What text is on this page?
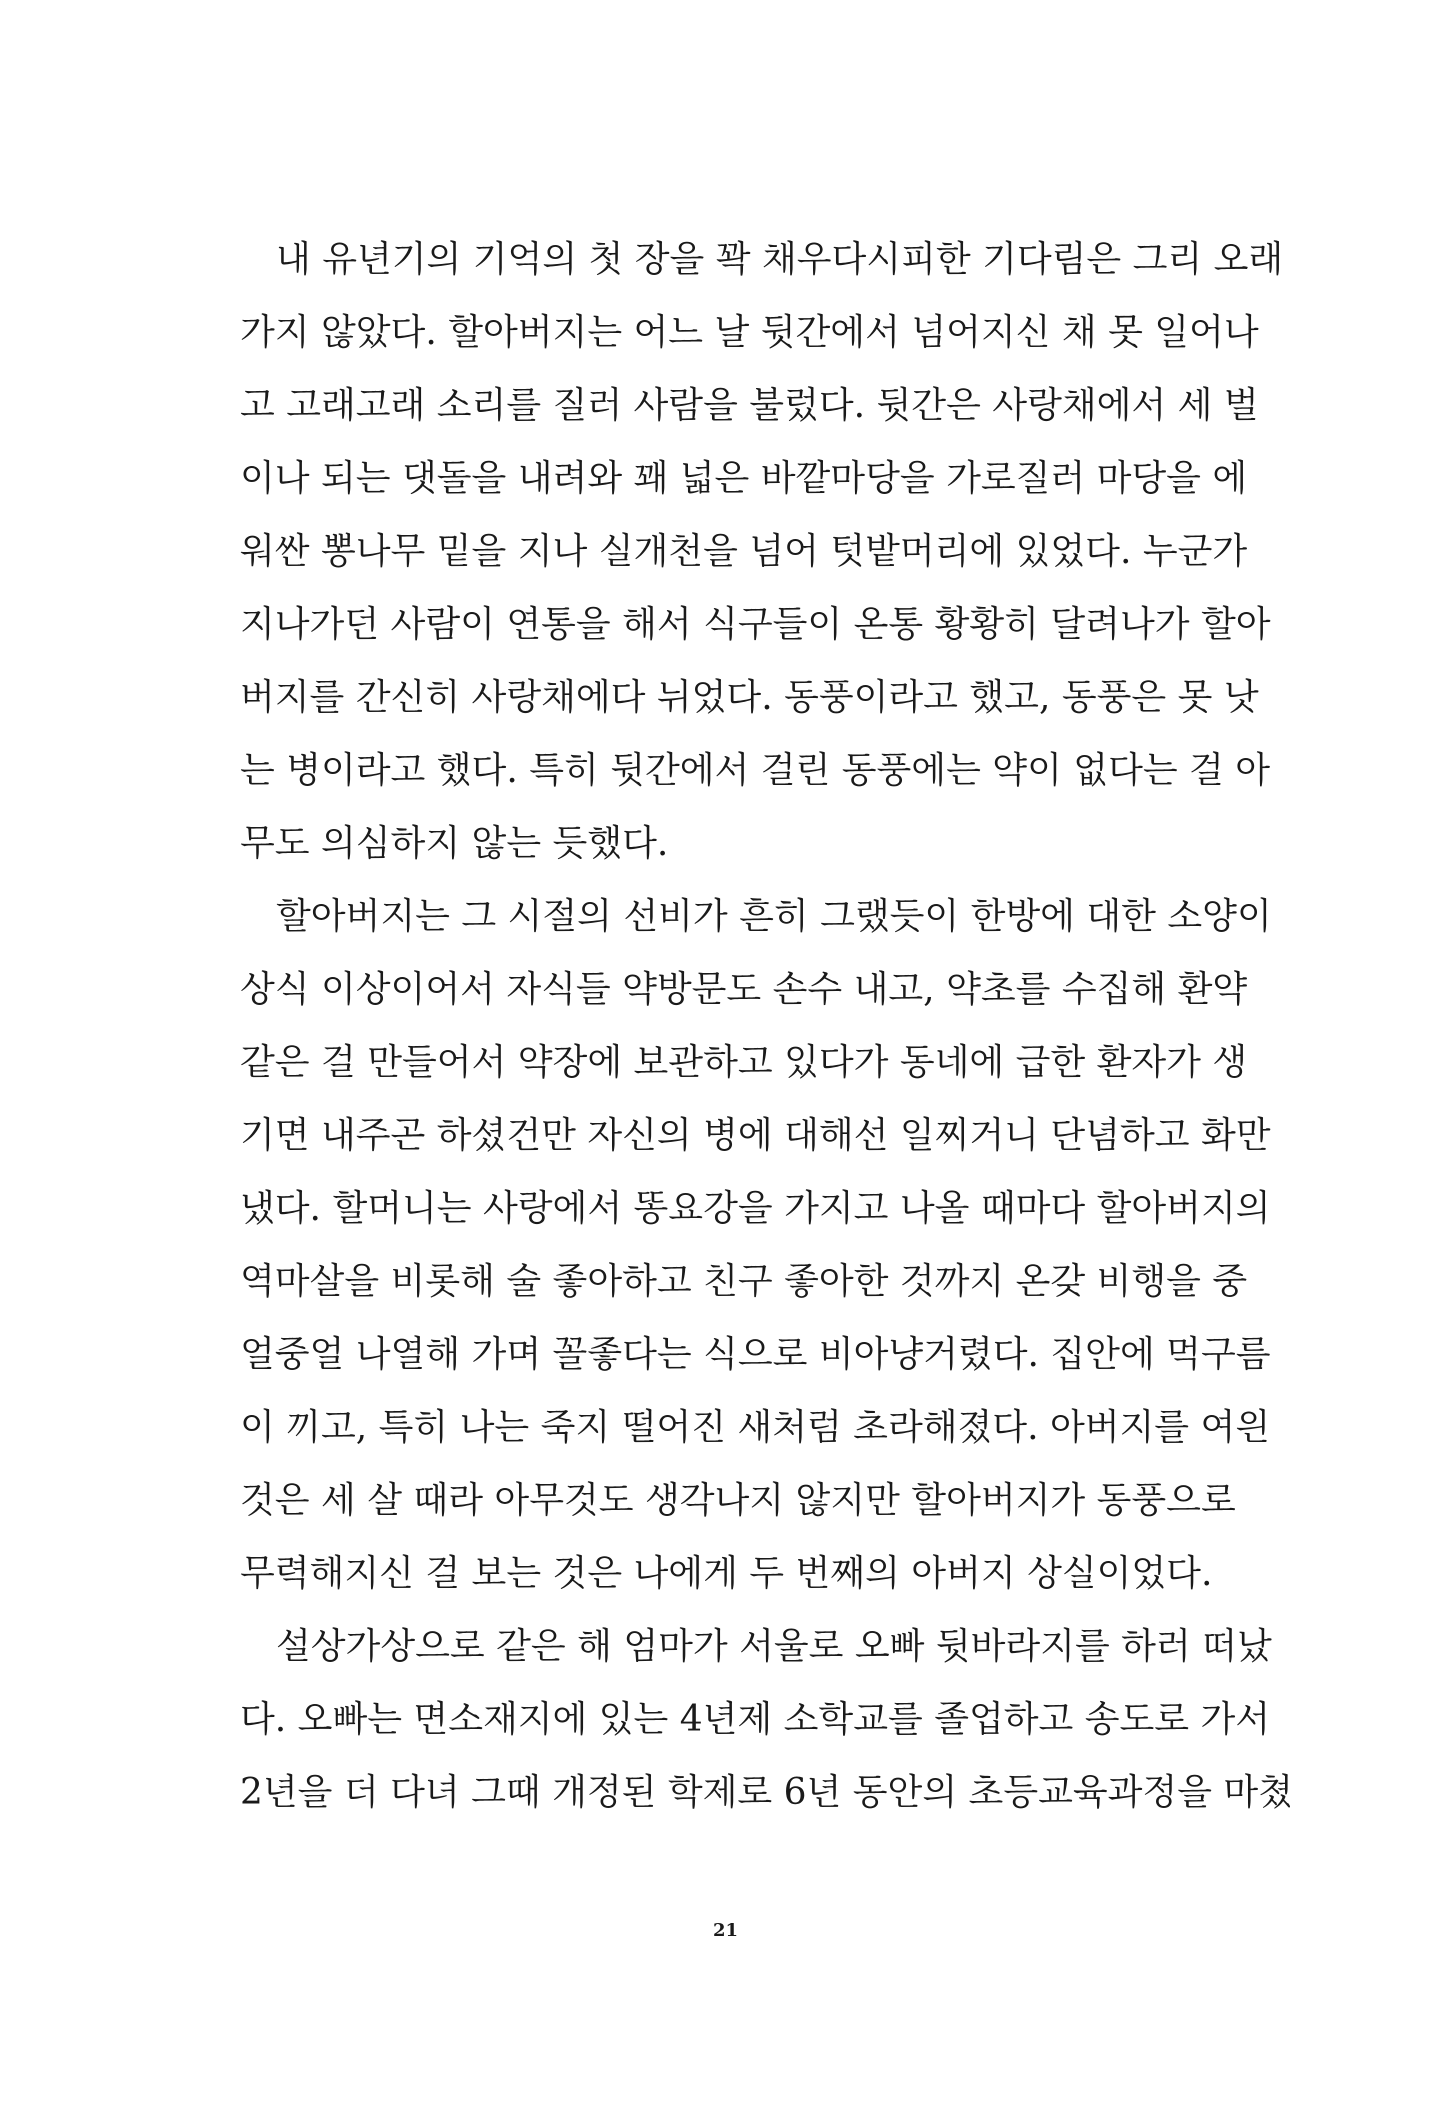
내 유년기의 기억의 첫 장을 꽉 채우다시피한 기다림은 그리 오래
가지 않았다. 할아버지는 어느 날 뒷간에서 넘어지신 채 못 일어나
고 고래고래 소리를 질러 사람을 불렀다. 뒷간은 사랑채에서 세 벌
이나 되는 댓돌을 내려와 꽤 넓은 바깥마당을 가로질러 마당을 에
워싼 뽕나무 밑을 지나 실개천을 넘어 텃밭머리에 있었다. 누군가
지나가던 사람이 연통을 해서 식구들이 온통 황황히 달려나가 할아
버지를 간신히 사랑채에다 뉘었다. 동풍이라고 했고, 동풍은 못 낫
는 병이라고 했다. 특히 뒷간에서 걸린 동풍에는 약이 없다는 걸 아
무도 의심하지 않는 듯했다.
할아버지는 그 시절의 선비가 흔히 그랬듯이 한방에 대한 소양이
상식 이상이어서 자식들 약방문도 손수 내고, 약초를 수집해 환약
같은 걸 만들어서 약장에 보관하고 있다가 동네에 급한 환자가 생
기면 내주곤 하셨건만 자신의 병에 대해선 일찌거니 단념하고 화만
냈다. 할머니는 사랑에서 똥요강을 가지고 나올 때마다 할아버지의
역마살을 비롯해 술 좋아하고 친구 좋아한 것까지 온갖 비행을 중
얼중얼 나열해 가며 꼴좋다는 식으로 비아냥거렸다. 집안에 먹구름
이 끼고, 특히 나는 죽지 떨어진 새처럼 초라해졌다. 아버지를 여읜
것은 세 살 때라 아무것도 생각나지 않지만 할아버지가 동풍으로
무력해지신 걸 보는 것은 나에게 두 번째의 아버지 상실이었다.
설상가상으로 같은 해 엄마가 서울로 오빠 뒷바라지를 하러 떠났
다. 오빠는 면소재지에 있는 4년제 소학교를 졸업하고 송도로 가서
2년을 더 다녀 그때 개정된 학제로 6년 동안의 초등교육과정을 마쳤
21
